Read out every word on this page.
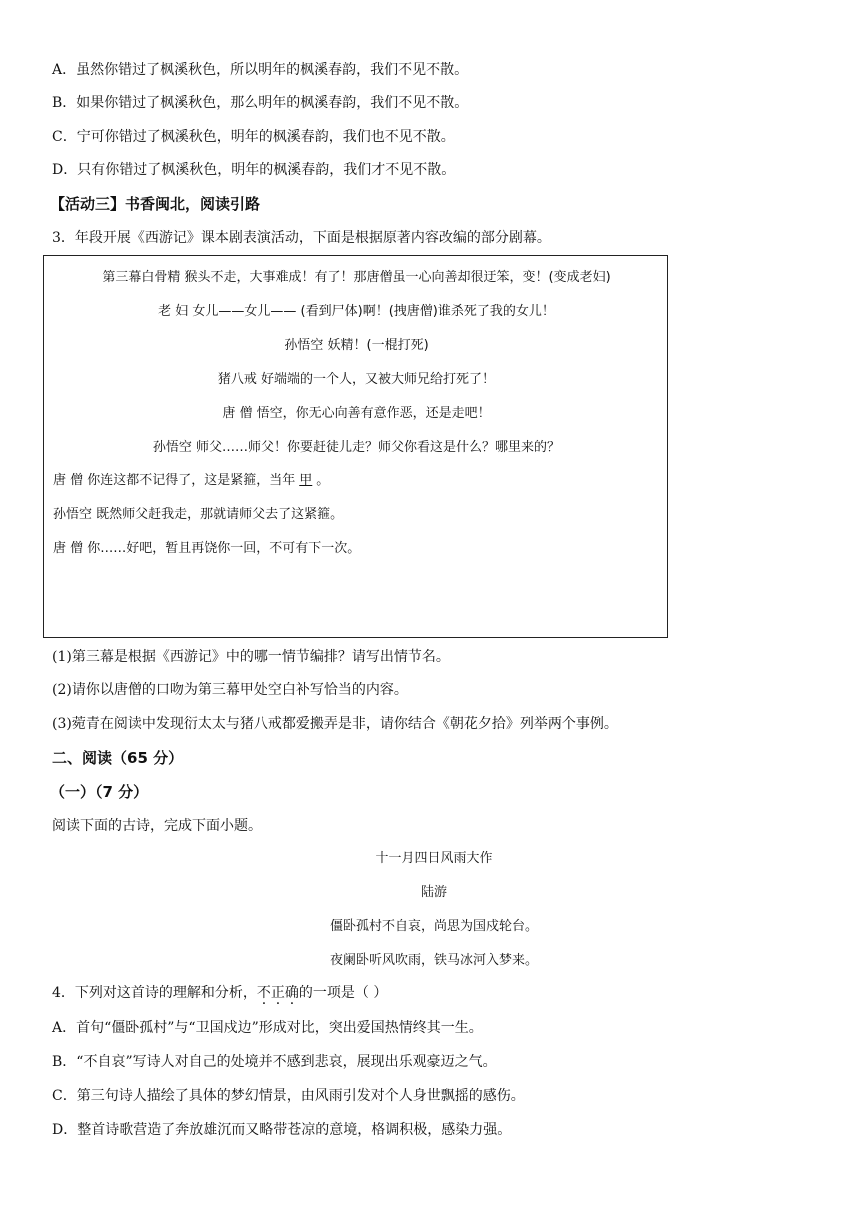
A．虽然你错过了枫溪秋色，所以明年的枫溪春韵，我们不见不散。
B．如果你错过了枫溪秋色，那么明年的枫溪春韵，我们不见不散。
C．宁可你错过了枫溪秋色，明年的枫溪春韵，我们也不见不散。
D．只有你错过了枫溪秋色，明年的枫溪春韵，我们才不见不散。
【活动三】书香闽北，阅读引路
3．年段开展《西游记》课本剧表演活动，下面是根据原著内容改编的部分剧幕。
第三幕白骨精 猴头不走，大事难成！有了！那唐僧虽一心向善却很迂笨，变！(变成老妇)
老 妇 女儿——女儿—— (看到尸体)啊！(拽唐僧)谁杀死了我的女儿！
孙悟空 妖精！(一棍打死)
猪八戒 好端端的一个人，又被大师兄给打死了！
唐 僧 悟空，你无心向善有意作恶，还是走吧！
孙悟空 师父……师父！你要赶徒儿走？师父你看这是什么？哪里来的？
唐 僧 你连这都不记得了，这是紧箍，当年 甲 。
孙悟空 既然师父赶我走，那就请师父去了这紧箍。
唐 僧 你……好吧，暂且再饶你一回，不可有下一次。
(1)第三幕是根据《西游记》中的哪一情节编排？请写出情节名。
(2)请你以唐僧的口吻为第三幕甲处空白补写恰当的内容。
(3)菀青在阅读中发现衍太太与猪八戒都爱搬弄是非，请你结合《朝花夕拾》列举两个事例。
二、阅读（65 分）
（一）（7 分）
阅读下面的古诗，完成下面小题。
十一月四日风雨大作
陆游
僵卧孤村不自哀，尚思为国戍轮台。
夜阑卧听风吹雨，铁马冰河入梦来。
4．下列对这首诗的理解和分析，不正确的一项是（ ）
A．首句“僵卧孤村”与“卫国戍边”形成对比，突出爱国热情终其一生。
B．“不自哀”写诗人对自己的处境并不感到悲哀，展现出乐观豪迈之气。
C．第三句诗人描绘了具体的梦幻情景，由风雨引发对个人身世飘摇的感伤。
D．整首诗歌营造了奔放雄沉而又略带苍凉的意境，格调积极，感染力强。
